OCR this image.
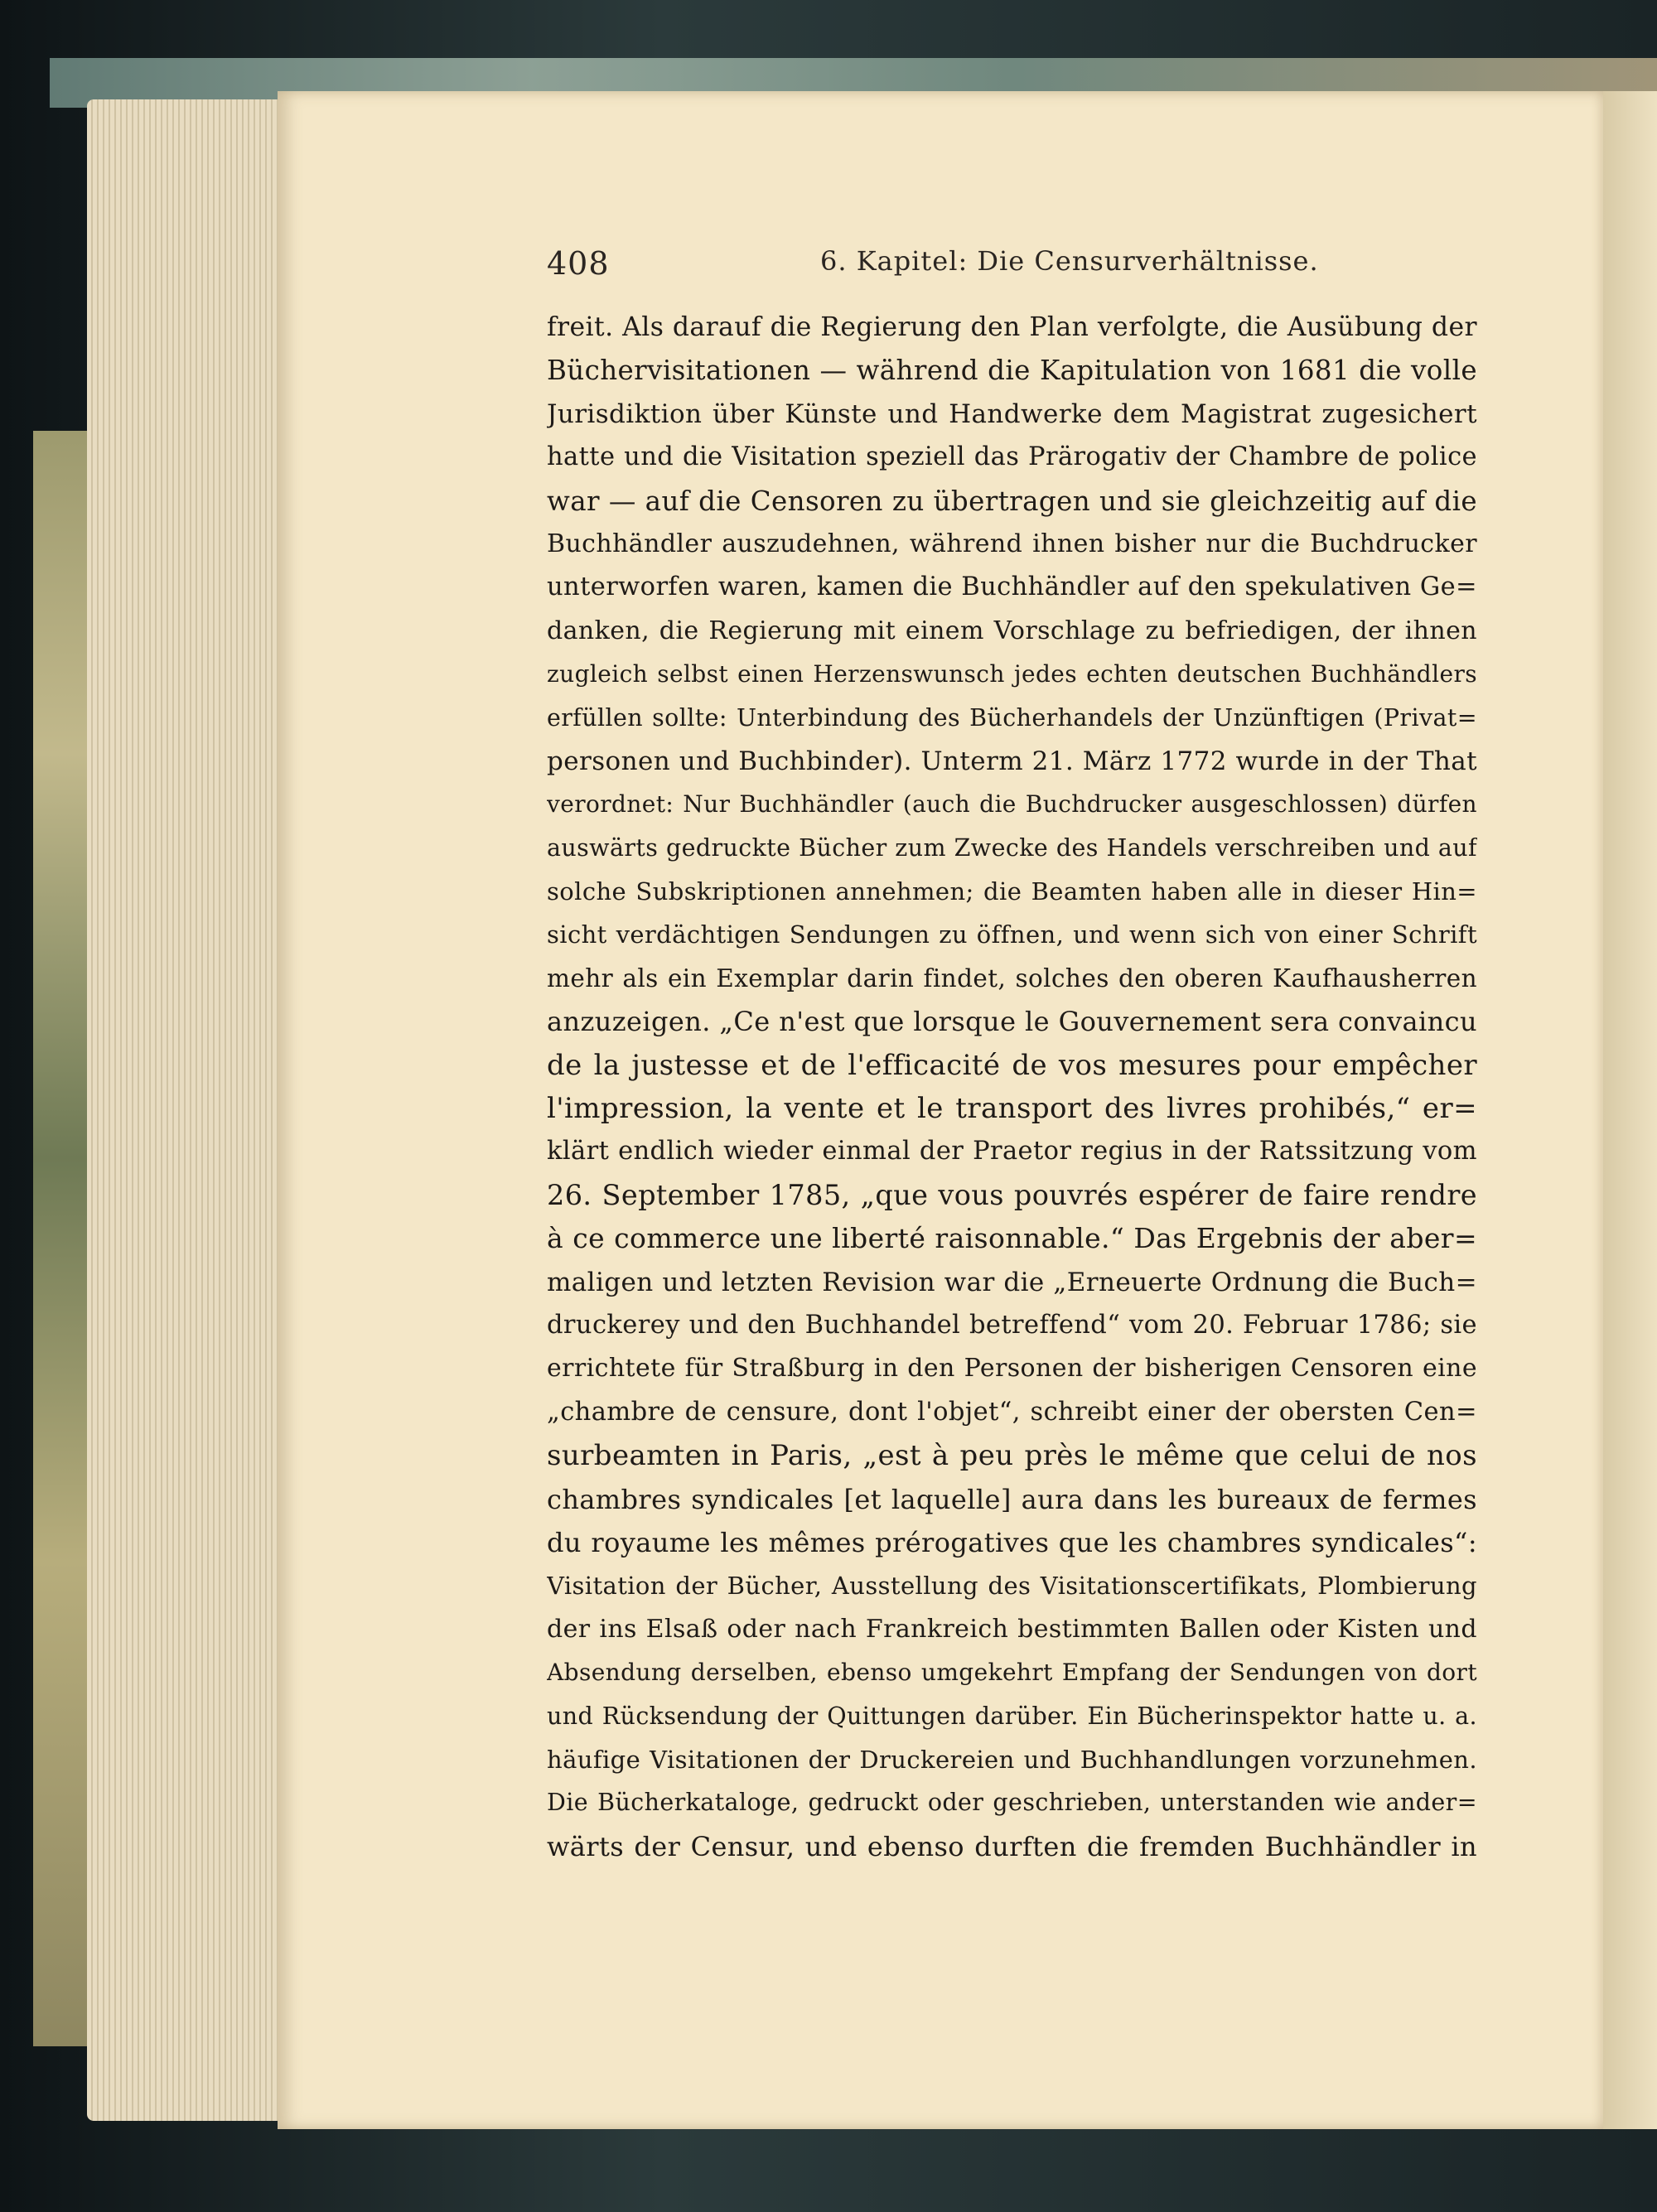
408	6. Kapitel: Die Censurverhältnisse.
freit. Als darauf die Regierung den Plan verfolgte, die Ausübung der
Büchervisitationen — während die Kapitulation von 1681 die volle
Jurisdiktion über Künste und Handwerke dem Magistrat zugesichert
hatte und die Visitation speziell das Prärogativ der Chambre de police
war — auf die Censoren zu übertragen und sie gleichzeitig auf die
Buchhändler auszudehnen, während ihnen bisher nur die Buchdrucker
unterworfen waren, kamen die Buchhändler auf den spekulativen Ge=
danken, die Regierung mit einem Vorschlage zu befriedigen, der ihnen
zugleich selbst einen Herzenswunsch jedes echten deutschen Buchhändlers
erfüllen sollte: Unterbindung des Bücherhandels der Unzünftigen (Privat=
personen und Buchbinder). Unterm 21. März 1772 wurde in der That
verordnet: Nur Buchhändler (auch die Buchdrucker ausgeschlossen) dürfen
auswärts gedruckte Bücher zum Zwecke des Handels verschreiben und auf
solche Subskriptionen annehmen; die Beamten haben alle in dieser Hin=
sicht verdächtigen Sendungen zu öffnen, und wenn sich von einer Schrift
mehr als ein Exemplar darin findet, solches den oberen Kaufhausherren
anzuzeigen. „Ce n'est que lorsque le Gouvernement sera convaincu
de la justesse et de l'efficacité de vos mesures pour empêcher
l'impression, la vente et le transport des livres prohibés,“ er=
klärt endlich wieder einmal der Praetor regius in der Ratssitzung vom
26. September 1785, „que vous pouvrés espérer de faire rendre
à ce commerce une liberté raisonnable.“ Das Ergebnis der aber=
maligen und letzten Revision war die „Erneuerte Ordnung die Buch=
druckerey und den Buchhandel betreffend“ vom 20. Februar 1786; sie
errichtete für Straßburg in den Personen der bisherigen Censoren eine
„chambre de censure, dont l'objet“, schreibt einer der obersten Cen=
surbeamten in Paris, „est à peu près le même que celui de nos
chambres syndicales [et laquelle] aura dans les bureaux de fermes
du royaume les mêmes prérogatives que les chambres syndicales“:
Visitation der Bücher, Ausstellung des Visitationscertifikats, Plombierung
der ins Elsaß oder nach Frankreich bestimmten Ballen oder Kisten und
Absendung derselben, ebenso umgekehrt Empfang der Sendungen von dort
und Rücksendung der Quittungen darüber. Ein Bücherinspektor hatte u. a.
häufige Visitationen der Druckereien und Buchhandlungen vorzunehmen.
Die Bücherkataloge, gedruckt oder geschrieben, unterstanden wie ander=
wärts der Censur, und ebenso durften die fremden Buchhändler in
